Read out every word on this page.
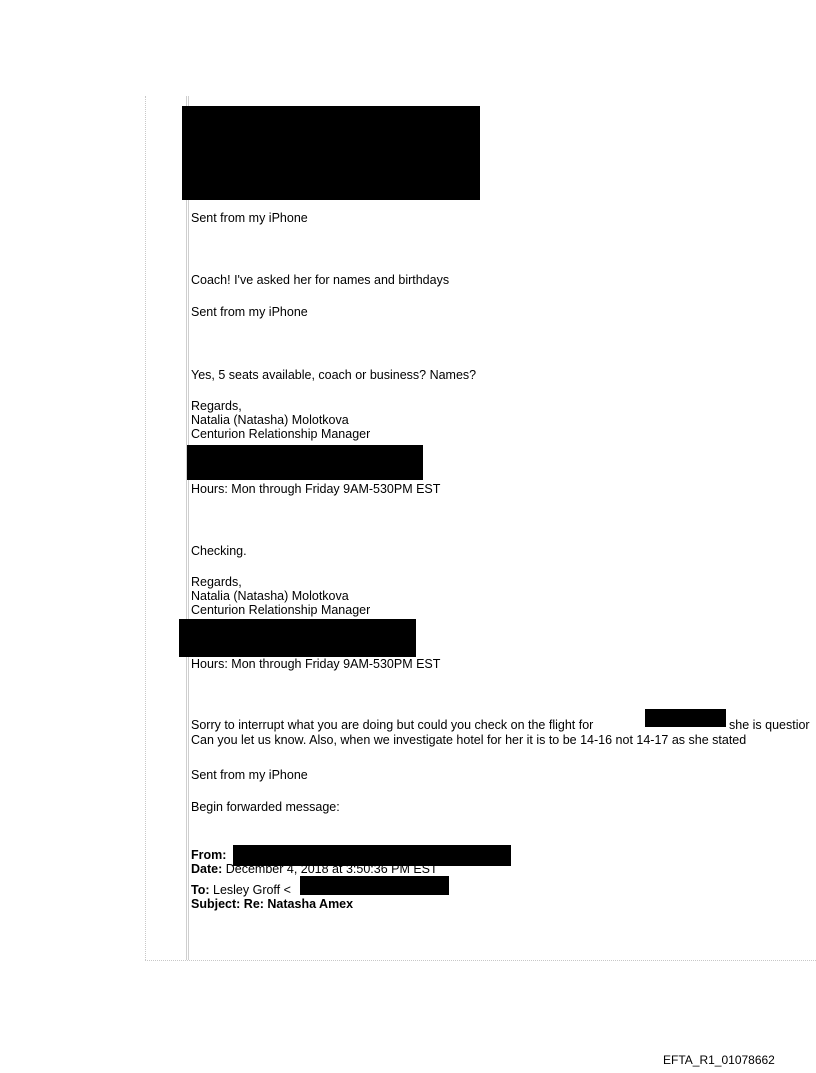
Sent from my iPhone
Coach! I've asked her for names and birthdays
Sent from my iPhone
Yes, 5 seats available, coach or business? Names?
Regards,
Natalia (Natasha) Molotkova
Centurion Relationship Manager
Hours: Mon through Friday 9AM-530PM EST
Checking.
Regards,
Natalia (Natasha) Molotkova
Centurion Relationship Manager
Hours: Mon through Friday 9AM-530PM EST
Sorry to interrupt what you are doing but could you check on the flight for	she is questior
Can you let us know. Also, when we investigate hotel for her it is to be 14-16 not 14-17 as she stated
Sent from my iPhone
Begin forwarded message:
From:
Date: December 4, 2018 at 3:50:36 PM EST
To: Lesley Groff <
Subject: Re: Natasha Amex
EFTA_R1_01078662
